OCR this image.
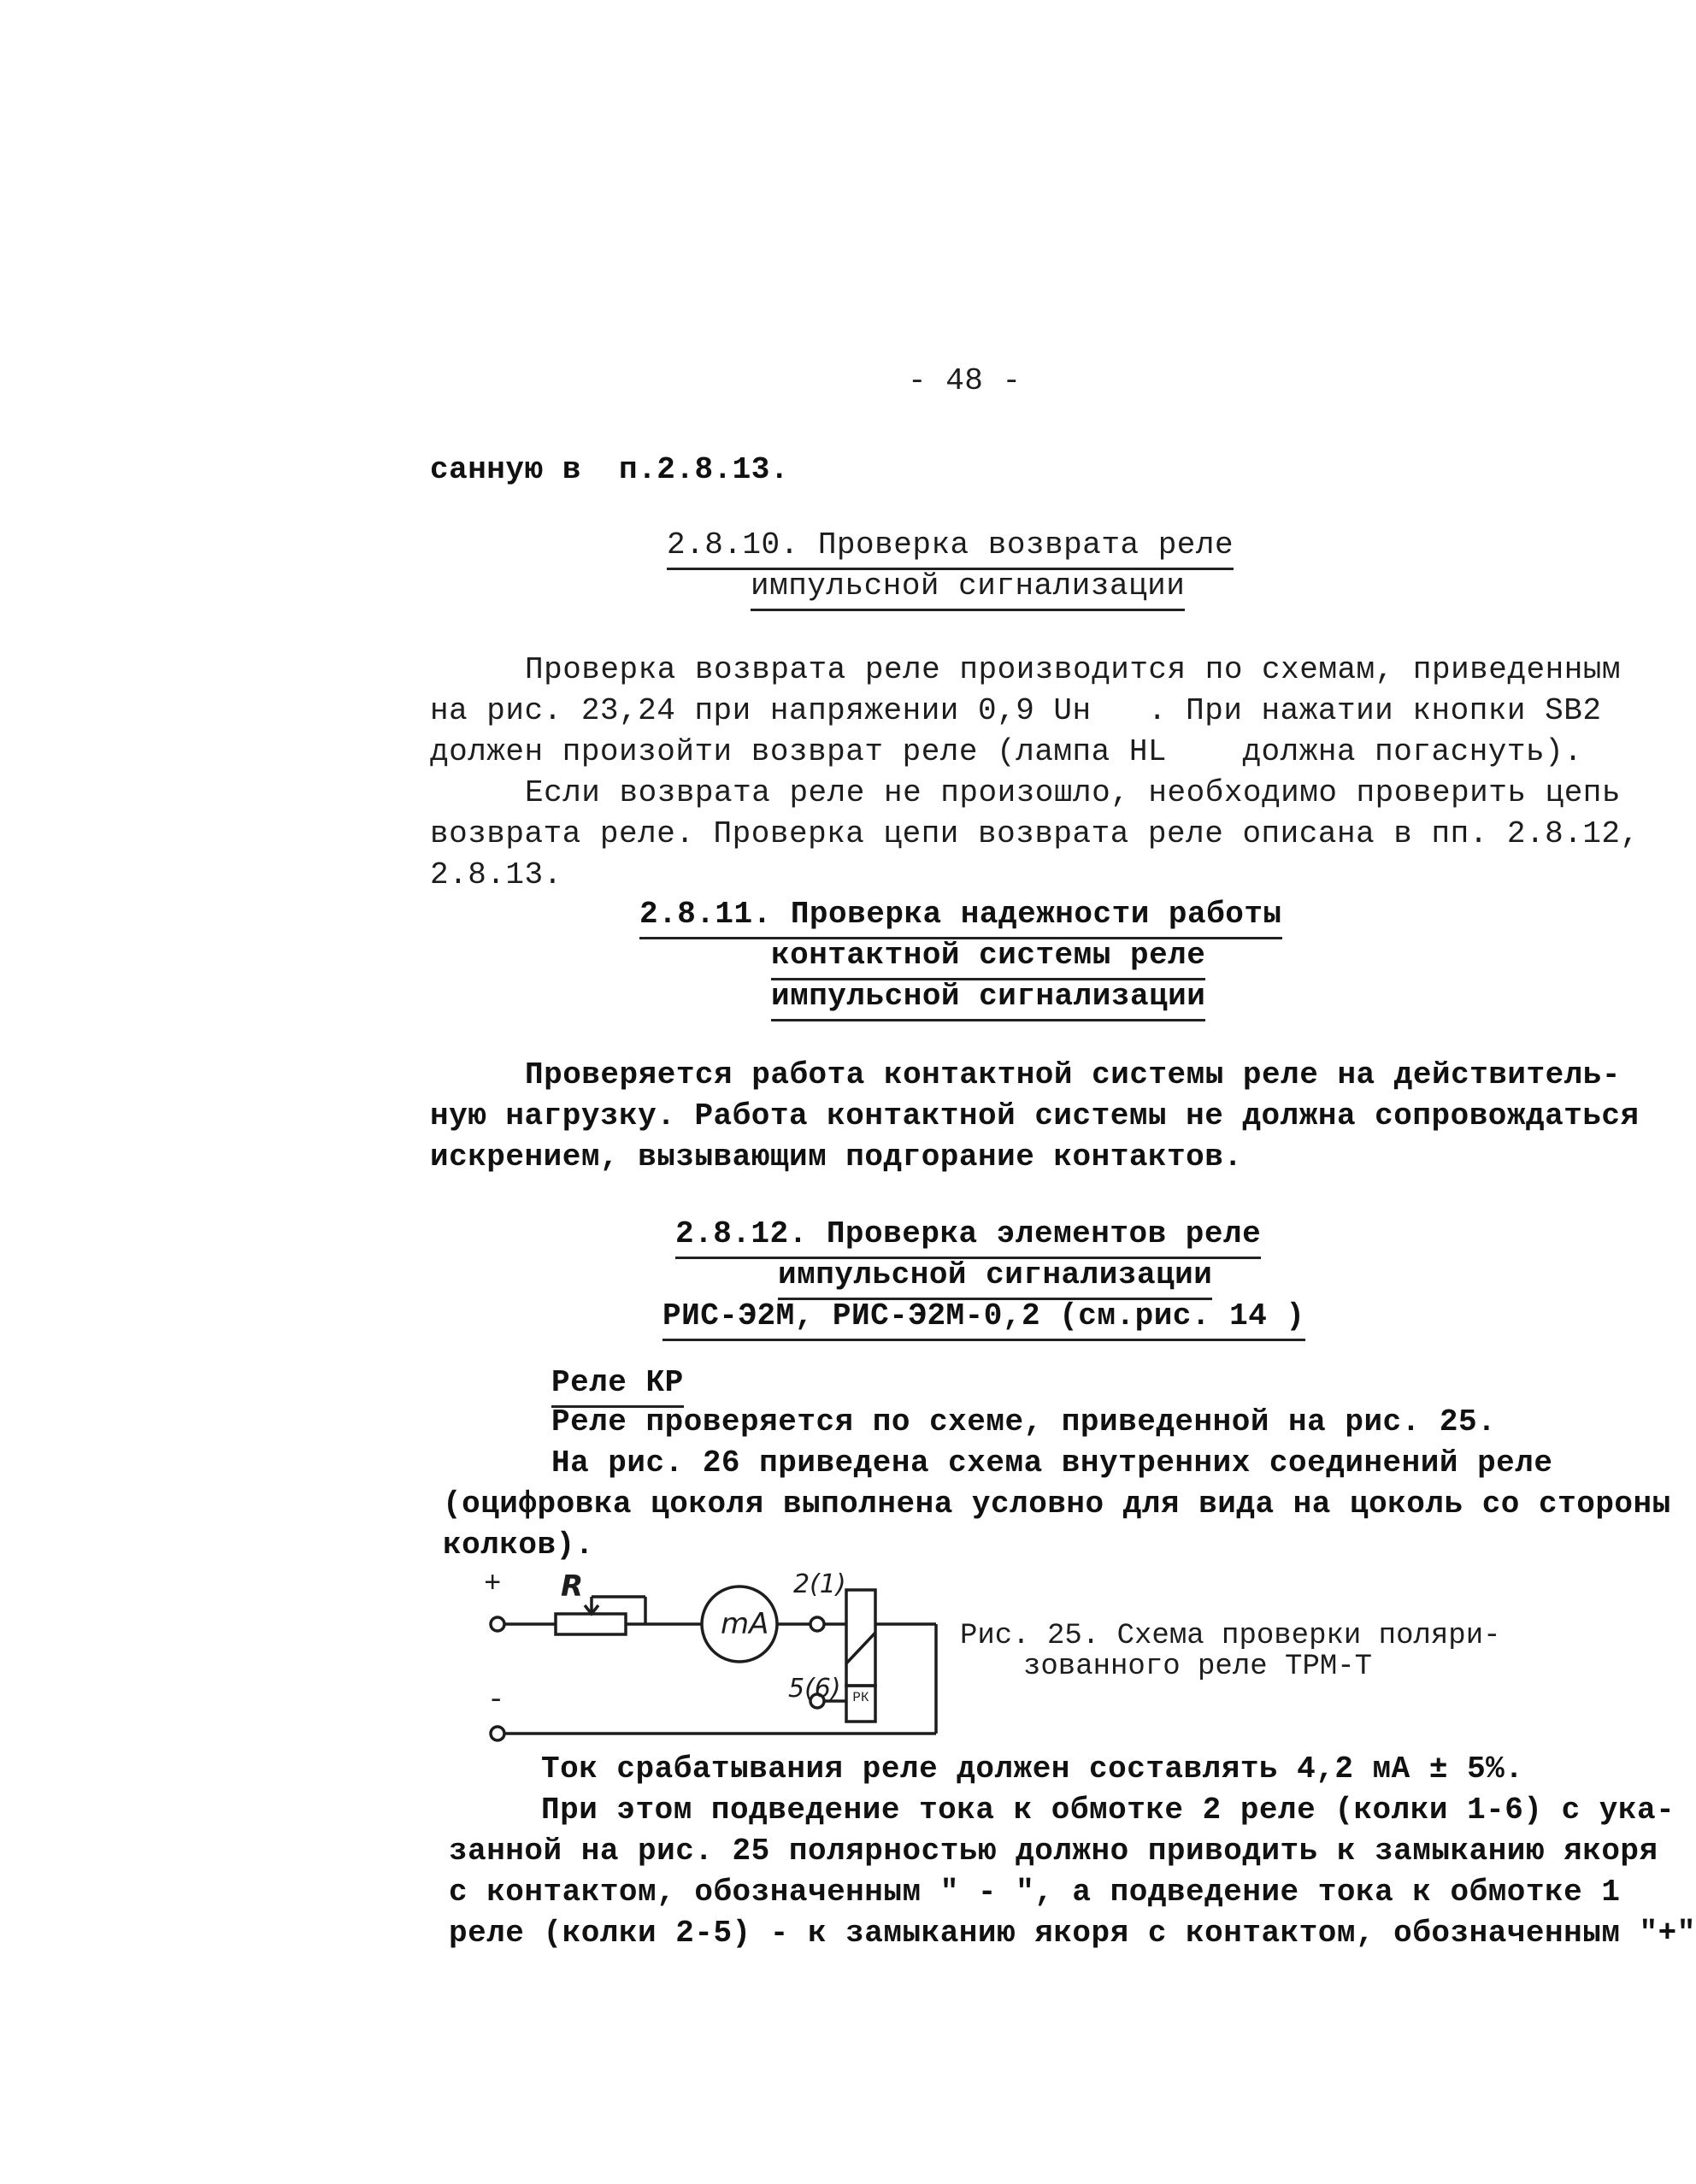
- 48 -
санную в  п.2.8.13.
2.8.10. Проверка возврата реле
импульсной сигнализации
Проверка возврата реле производится по схемам, приведенным
на рис. 23,24 при напряжении 0,9 Uн   . При нажатии кнопки SB2
должен произойти возврат реле (лампа HL    должна погаснуть).
Если возврата реле не произошло, необходимо проверить цепь
возврата реле. Проверка цепи возврата реле описана в пп. 2.8.12,
2.8.13.
2.8.11. Проверка надежности работы
контактной системы реле
импульсной сигнализации
Проверяется работа контактной системы реле на действитель-
ную нагрузку. Работа контактной системы не должна сопровождаться
искрением, вызывающим подгорание контактов.
2.8.12. Проверка элементов реле
импульсной сигнализации
РИС-Э2М, РИС-Э2М-0,2 (см.рис. 14 )
Реле КР
Реле проверяется по схеме, приведенной на рис. 25.
На рис. 26 приведена схема внутренних соединений реле
(оцифровка цоколя выполнена условно для вида на цоколь со стороны
колков).
+
-
R
mA
2(1)
5(6) РК
Рис. 25. Схема проверки поляри-
зованного реле ТРМ-Т
Ток срабатывания реле должен составлять 4,2 мА ± 5%.
При этом подведение тока к обмотке 2 реле (колки 1-6) с ука-
занной на рис. 25 полярностью должно приводить к замыканию якоря
с контактом, обозначенным " - ", а подведение тока к обмотке 1
реле (колки 2-5) - к замыканию якоря с контактом, обозначенным "+"
